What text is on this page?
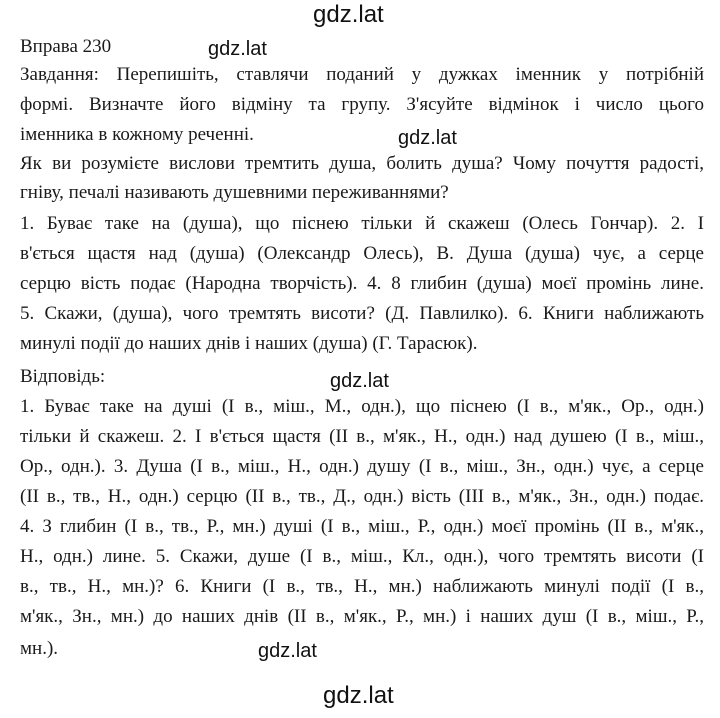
gdz.lat
gdz.lat
gdz.lat
gdz.lat
gdz.lat
gdz.lat
Вправа 230
Завдання: Перепишіть, ставлячи поданий у дужках іменник у потрібній
формі. Визначте його відміну та групу. З'ясуйте відмінок і число цього
іменника в кожному реченні.
Як ви розумієте вислови тремтить душа, болить душа? Чому почуття радості,
гніву, печалі називають душевними переживаннями?
1. Буває таке на (душа), що піснею тільки й скажеш (Олесь Гончар). 2. І
в'ється щастя над (душа) (Олександр Олесь), В. Душа (душа) чує, а серце
серцю вість подає (Народна творчість). 4. 8 глибин (душа) моєї промінь лине.
5. Скажи, (душа), чого тремтять висоти? (Д. Павлилко). 6. Книги наближають
минулі події до наших днів і наших (душа) (Г. Тарасюк).
Відповідь:
1. Буває таке на душі (І в., міш., М., одн.), що піснею (І в., м'як., Ор., одн.)
тільки й скажеш. 2. І в'ється щастя (ІІ в., м'як., Н., одн.) над душею (І в., міш.,
Ор., одн.). 3. Душа (І в., міш., Н., одн.) душу (І в., міш., Зн., одн.) чує, а серце
(ІІ в., тв., Н., одн.) серцю (ІІ в., тв., Д., одн.) вість (ІІІ в., м'як., Зн., одн.) подає.
4. З глибин (І в., тв., Р., мн.) душі (І в., міш., Р., одн.) моєї промінь (ІІ в., м'як.,
Н., одн.) лине. 5. Скажи, душе (І в., міш., Кл., одн.), чого тремтять висоти (І
в., тв., Н., мн.)? 6. Книги (І в., тв., Н., мн.) наближають минулі події (І в.,
м'як., Зн., мн.) до наших днів (ІІ в., м'як., Р., мн.) і наших душ (І в., міш., Р.,
мн.).
